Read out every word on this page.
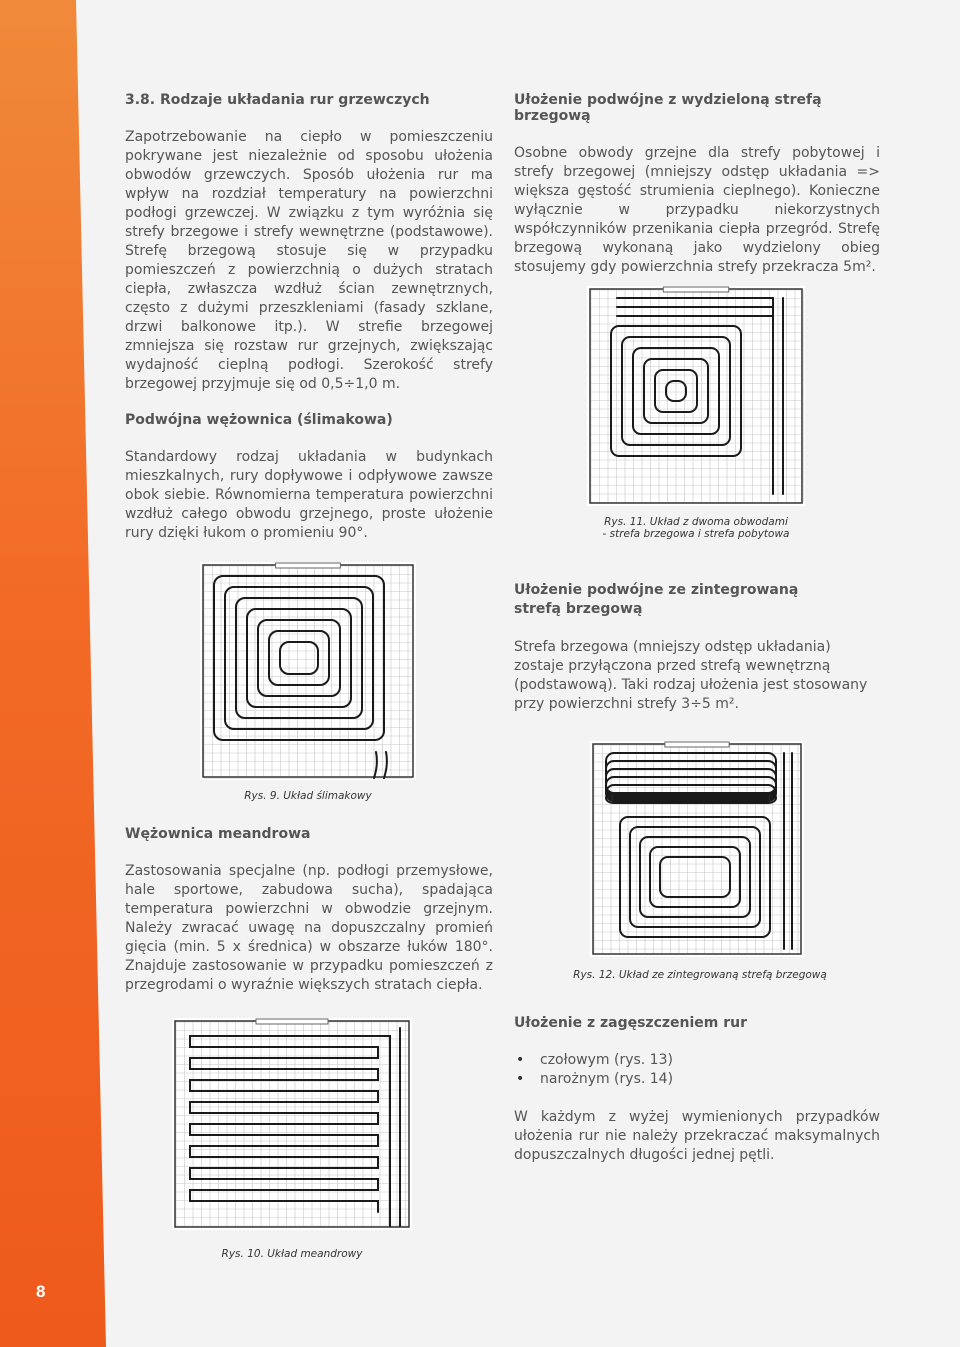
8
3.8. Rodzaje układania rur grzewczych

Zapotrzebowanie na ciepło w pomieszczeniu pokrywane jest niezależnie od sposobu ułożenia obwodów grzewczych. Sposób ułożenia rur ma wpływ na rozdział temperatury na powierzchni podłogi grzewczej. W związku z tym wyróżnia się strefy brzegowe i strefy wewnętrzne (podstawowe). Strefę brzegową stosuje się w przypadku pomieszczeń z powierzchnią o dużych stratach ciepła, zwłaszcza wzdłuż ścian zewnętrznych, często z dużymi przeszkleniami (fasady szklane, drzwi balkonowe itp.). W strefie brzegowej zmniejsza się rozstaw rur grzejnych, zwiększając wydajność cieplną podłogi. Szerokość strefy brzegowej przyjmuje się od 0,5÷1,0 m.

Podwójna wężownica (ślimakowa)

Standardowy rodzaj układania w budynkach mieszkalnych, rury dopływowe i odpływowe zawsze obok siebie. Równomierna temperatura powierzchni wzdłuż całego obwodu grzejnego, proste ułożenie rury dzięki łukom o promieniu 90°.

Rys. 9. Układ ślimakowy
Wężownica meandrowa

Zastosowania specjalne (np. podłogi przemysłowe, hale sportowe, zabudowa sucha), spadająca temperatura powierzchni w obwodzie grzejnym. Należy zwracać uwagę na dopuszczalny promień gięcia (min. 5 x średnica) w obszarze łuków 180°. Znajduje zastosowanie w przypadku pomieszczeń z przegrodami o wyraźnie większych stratach ciepła.

Rys. 10. Układ meandrowy
Ułożenie podwójne z wydzieloną strefą brzegową

Osobne obwody grzejne dla strefy pobytowej i strefy brzegowej (mniejszy odstęp układania => większa gęstość strumienia cieplnego). Konieczne wyłącznie w przypadku niekorzystnych współczynników przenikania ciepła przegród. Strefę brzegową wykonaną jako wydzielony obieg stosujemy gdy powierzchnia strefy przekracza 5m².

Rys. 11. Układ z dwoma obwodami
- strefa brzegowa i strefa pobytowa
Ułożenie podwójne ze zintegrowaną strefą brzegową

Strefa brzegowa (mniejszy odstęp układania) zostaje przyłączona przed strefą wewnętrzną (podstawową). Taki rodzaj ułożenia jest stosowany przy powierzchni strefy 3÷5 m².

Rys. 12. Układ ze zintegrowaną strefą brzegową
Ułożenie z zagęszczeniem rur
• czołowym (rys. 13)
• narożnym (rys. 14)

W każdym z wyżej wymienionych przypadków ułożenia rur nie należy przekraczać maksymalnych dopuszczalnych długości jednej pętli.
